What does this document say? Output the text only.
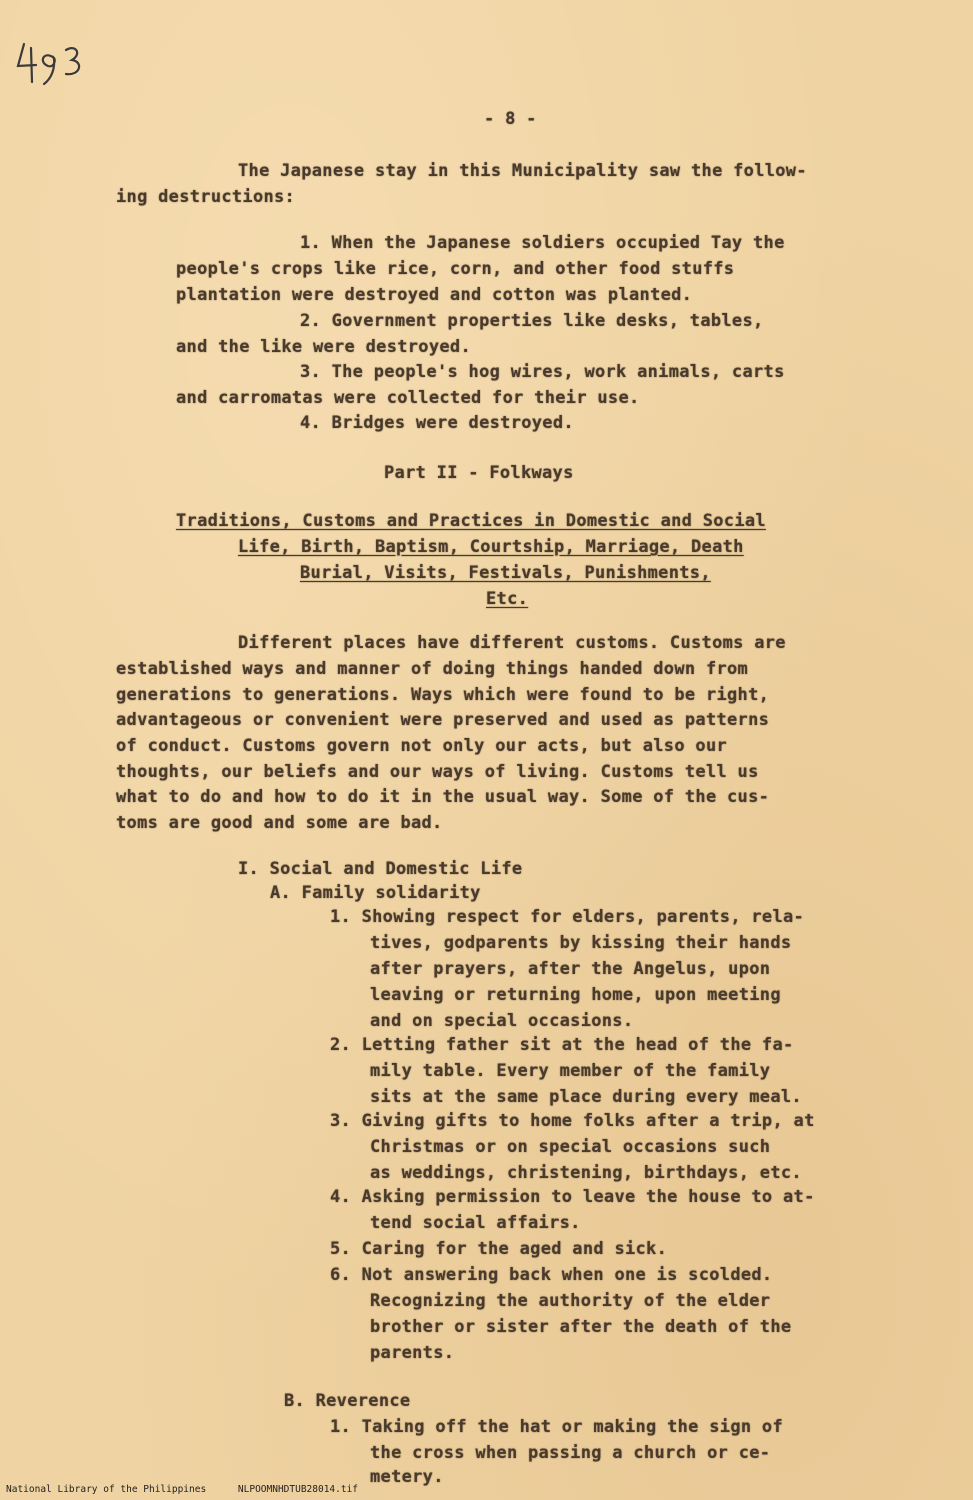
- 8 -
The Japanese stay in this Municipality saw the follow-
ing destructions:
1. When the Japanese soldiers occupied Tay the
people's crops like rice, corn, and other food stuffs
plantation were destroyed and cotton was planted.
2. Government properties like desks, tables,
and the like were destroyed.
3. The people's hog wires, work animals, carts
and carromatas were collected for their use.
4. Bridges were destroyed.
Part II - Folkways
Traditions, Customs and Practices in Domestic and Social
Life, Birth, Baptism, Courtship, Marriage, Death
Burial, Visits, Festivals, Punishments,
Etc.
Different places have different customs. Customs are
established ways and manner of doing things handed down from
generations to generations. Ways which were found to be right,
advantageous or convenient were preserved and used as patterns
of conduct. Customs govern not only our acts, but also our
thoughts, our beliefs and our ways of living. Customs tell us
what to do and how to do it in the usual way. Some of the cus-
toms are good and some are bad.
I. Social and Domestic Life
A. Family solidarity
1. Showing respect for elders, parents, rela-
tives, godparents by kissing their hands
after prayers, after the Angelus, upon
leaving or returning home, upon meeting
and on special occasions.
2. Letting father sit at the head of the fa-
mily table. Every member of the family
sits at the same place during every meal.
3. Giving gifts to home folks after a trip, at
Christmas or on special occasions such
as weddings, christening, birthdays, etc.
4. Asking permission to leave the house to at-
tend social affairs.
5. Caring for the aged and sick.
6. Not answering back when one is scolded.
Recognizing the authority of the elder
brother or sister after the death of the
parents.
B. Reverence
1. Taking off the hat or making the sign of
the cross when passing a church or ce-
metery.
National Library of the Philippines	NLPOOMNHDTUB28014.tif
